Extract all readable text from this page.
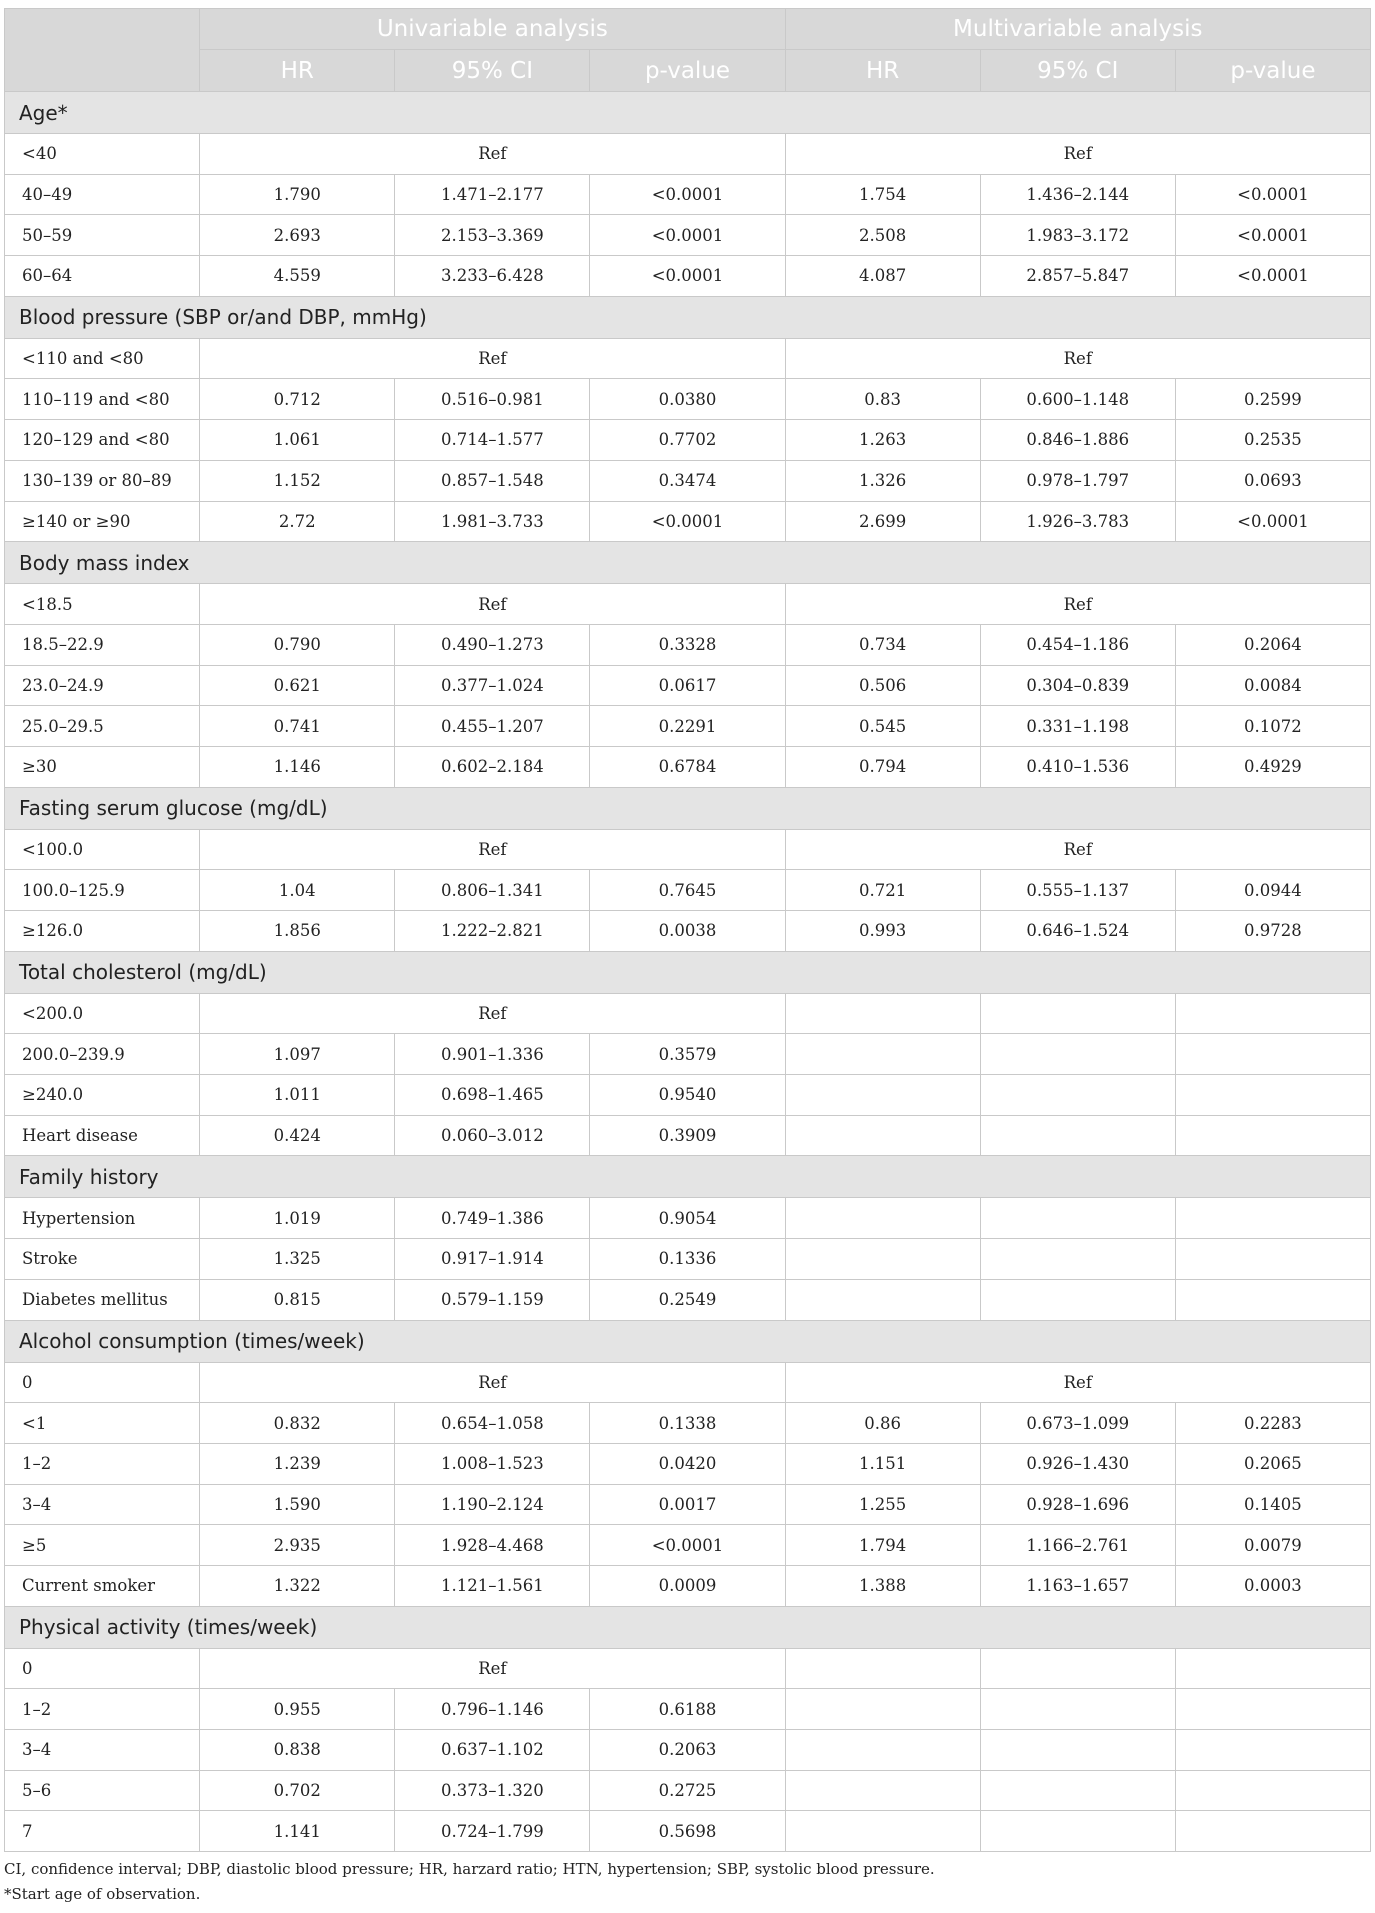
	Univariable analysis			Multivariable analysis		
	HR	95% CI	p-value	HR	95% CI	p-value
Age*						
<40	Ref			Ref		
40–49	1.790	1.471–2.177	<0.0001	1.754	1.436–2.144	<0.0001
50–59	2.693	2.153–3.369	<0.0001	2.508	1.983–3.172	<0.0001
60–64	4.559	3.233–6.428	<0.0001	4.087	2.857–5.847	<0.0001
Blood pressure (SBP or/and DBP, mmHg)						
<110 and <80	Ref			Ref		
110–119 and <80	0.712	0.516–0.981	0.0380	0.83	0.600–1.148	0.2599
120–129 and <80	1.061	0.714–1.577	0.7702	1.263	0.846–1.886	0.2535
130–139 or 80–89	1.152	0.857–1.548	0.3474	1.326	0.978–1.797	0.0693
≥140 or ≥90	2.72	1.981–3.733	<0.0001	2.699	1.926–3.783	<0.0001
Body mass index						
<18.5	Ref			Ref		
18.5–22.9	0.790	0.490–1.273	0.3328	0.734	0.454–1.186	0.2064
23.0–24.9	0.621	0.377–1.024	0.0617	0.506	0.304–0.839	0.0084
25.0–29.5	0.741	0.455–1.207	0.2291	0.545	0.331–1.198	0.1072
≥30	1.146	0.602–2.184	0.6784	0.794	0.410–1.536	0.4929
Fasting serum glucose (mg/dL)						
<100.0	Ref			Ref		
100.0–125.9	1.04	0.806–1.341	0.7645	0.721	0.555–1.137	0.0944
≥126.0	1.856	1.222–2.821	0.0038	0.993	0.646–1.524	0.9728
Total cholesterol (mg/dL)						
<200.0	Ref					
200.0–239.9	1.097	0.901–1.336	0.3579			
≥240.0	1.011	0.698–1.465	0.9540			
Heart disease	0.424	0.060–3.012	0.3909			
Family history						
Hypertension	1.019	0.749–1.386	0.9054			
Stroke	1.325	0.917–1.914	0.1336			
Diabetes mellitus	0.815	0.579–1.159	0.2549			
Alcohol consumption (times/week)						
0	Ref			Ref		
<1	0.832	0.654–1.058	0.1338	0.86	0.673–1.099	0.2283
1–2	1.239	1.008–1.523	0.0420	1.151	0.926–1.430	0.2065
3–4	1.590	1.190–2.124	0.0017	1.255	0.928–1.696	0.1405
≥5	2.935	1.928–4.468	<0.0001	1.794	1.166–2.761	0.0079
Current smoker	1.322	1.121–1.561	0.0009	1.388	1.163–1.657	0.0003
Physical activity (times/week)						
0	Ref					
1–2	0.955	0.796–1.146	0.6188			
3–4	0.838	0.637–1.102	0.2063			
5–6	0.702	0.373–1.320	0.2725			
7	1.141	0.724–1.799	0.5698			

CI, confidence interval; DBP, diastolic blood pressure; HR, harzard ratio; HTN, hypertension; SBP, systolic blood pressure.

*Start age of observation.
